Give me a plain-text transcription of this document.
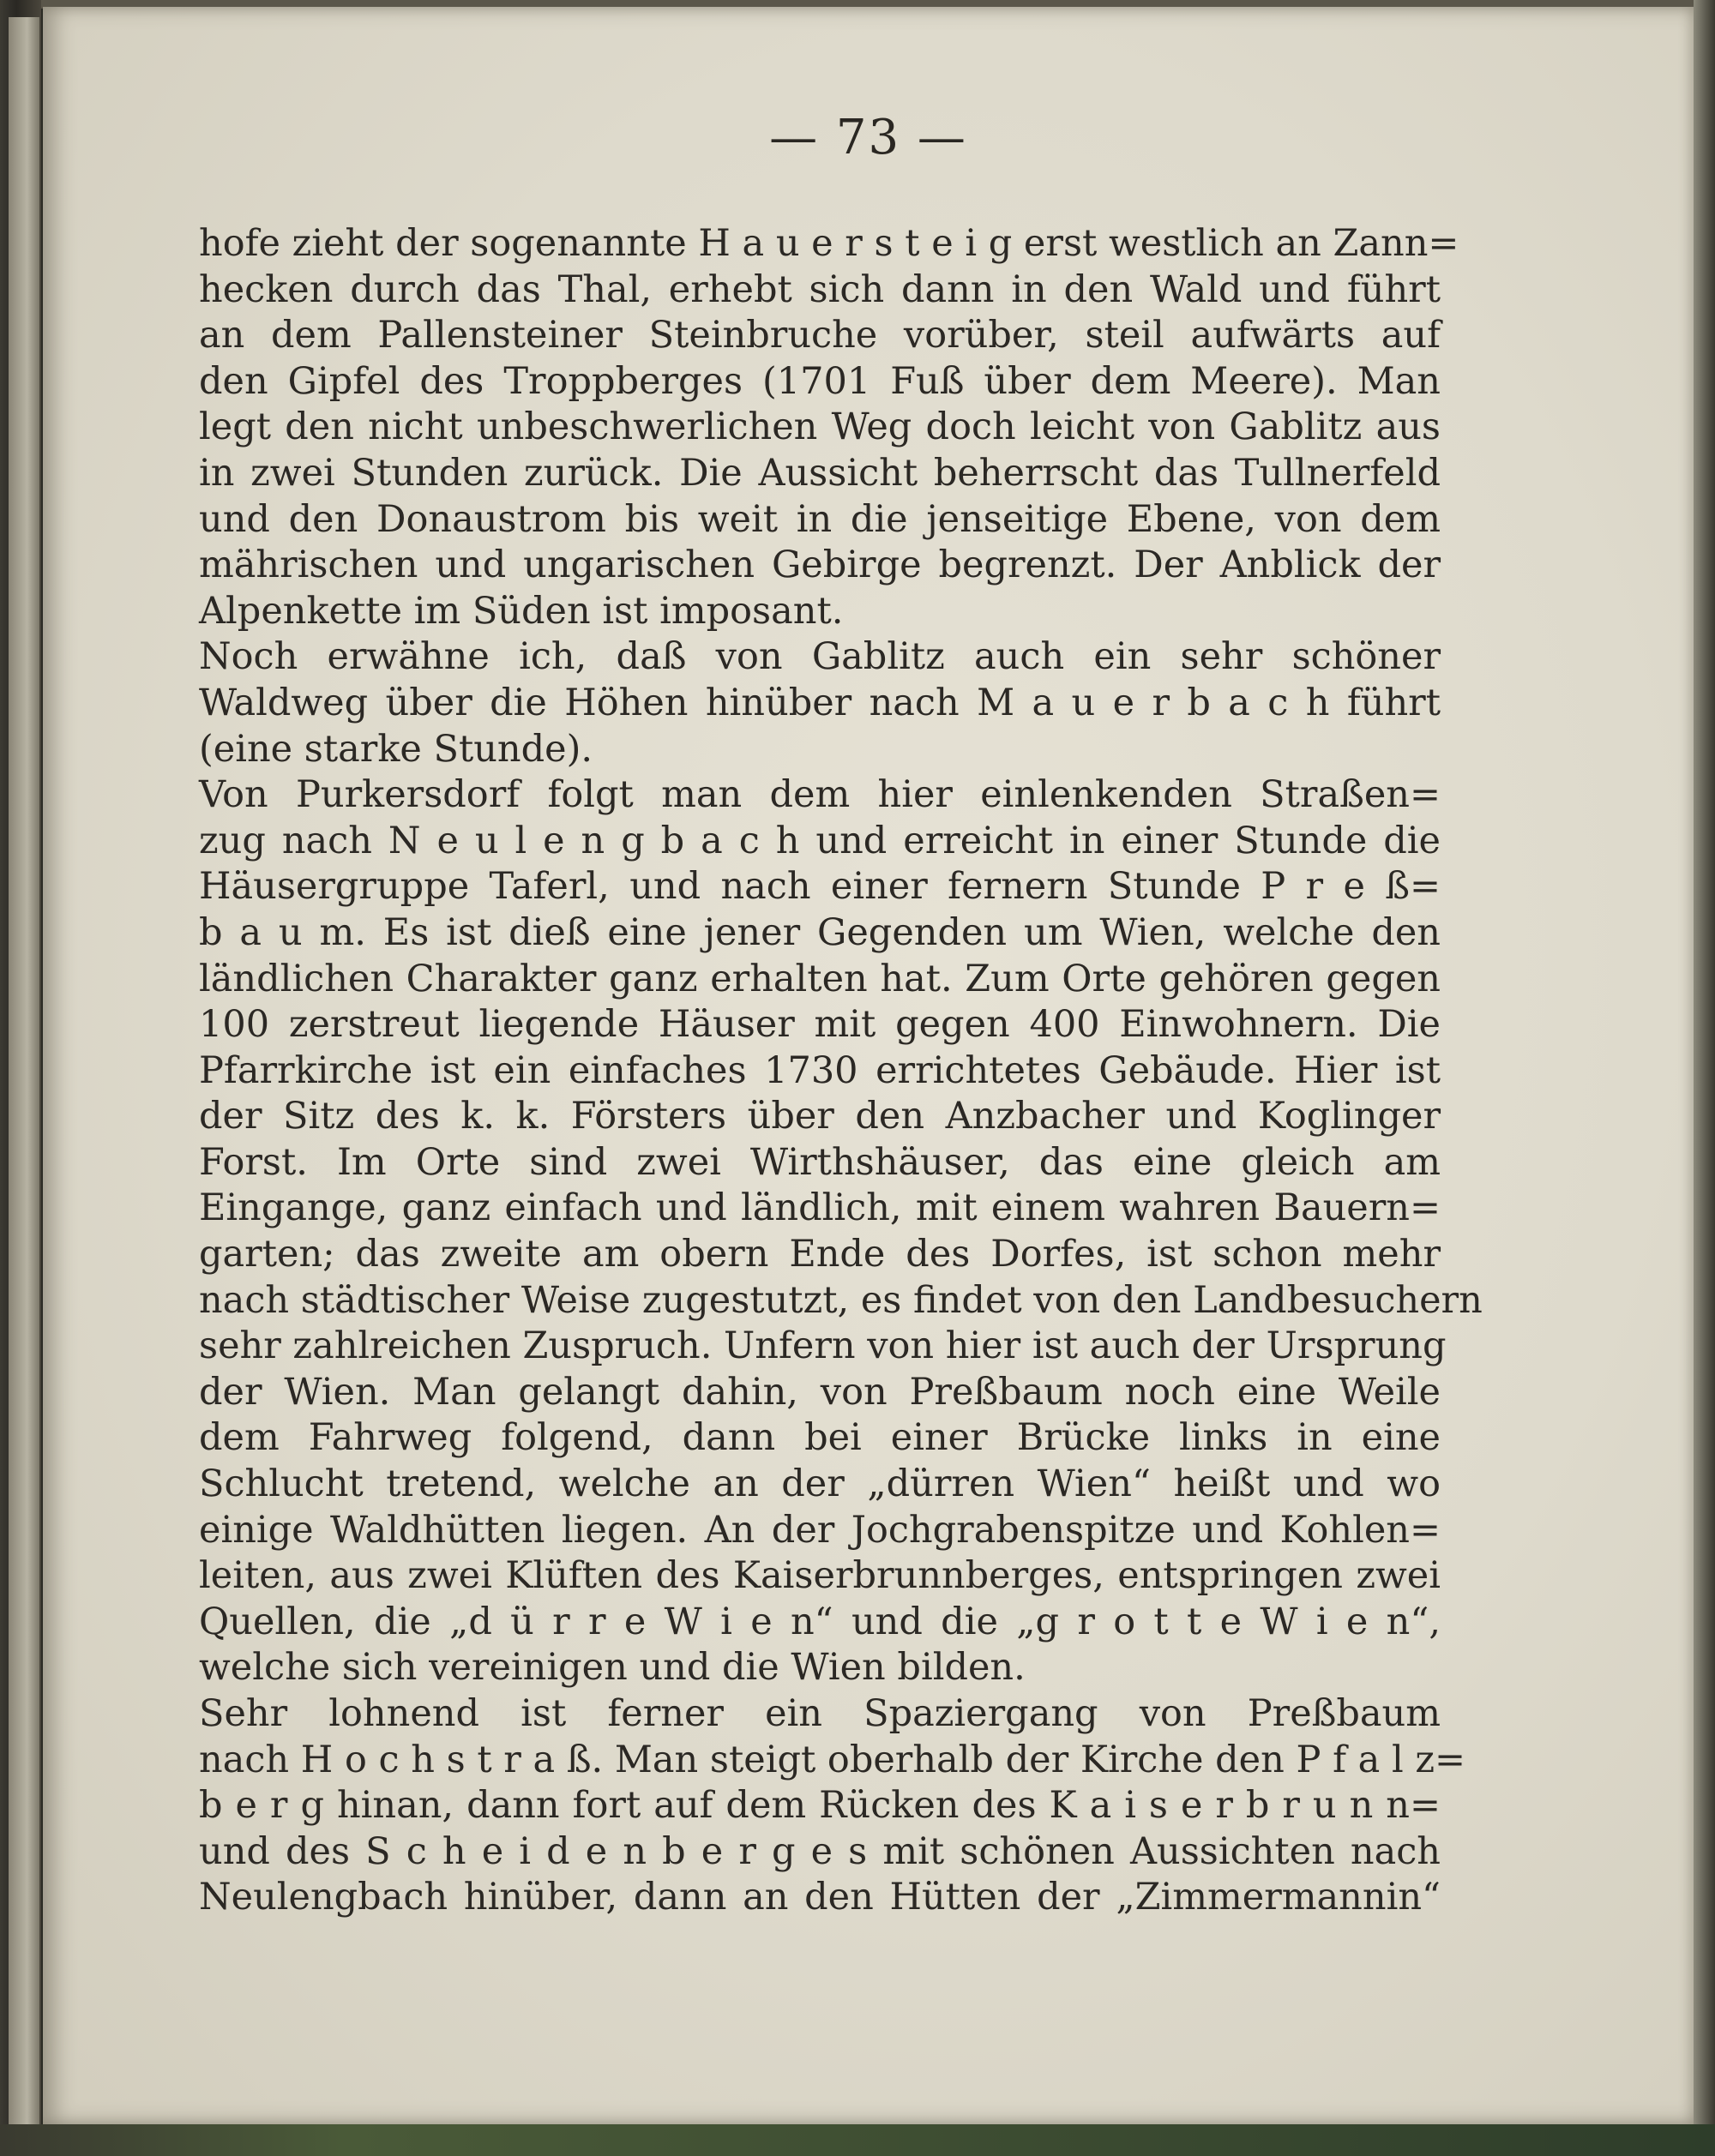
— 73 —
hofe zieht der sogenannte H a u e r s t e i g erst westlich an Zann=
hecken durch das Thal, erhebt sich dann in den Wald und führt
an dem Pallensteiner Steinbruche vorüber, steil aufwärts auf
den Gipfel des Troppberges (1701 Fuß über dem Meere). Man
legt den nicht unbeschwerlichen Weg doch leicht von Gablitz aus
in zwei Stunden zurück. Die Aussicht beherrscht das Tullnerfeld
und den Donaustrom bis weit in die jenseitige Ebene, von dem
mährischen und ungarischen Gebirge begrenzt. Der Anblick der
Alpenkette im Süden ist imposant.
Noch erwähne ich, daß von Gablitz auch ein sehr schöner
Waldweg über die Höhen hinüber nach M a u e r b a c h führt
(eine starke Stunde).
Von Purkersdorf folgt man dem hier einlenkenden Straßen=
zug nach N e u l e n g b a c h und erreicht in einer Stunde die
Häusergruppe Taferl, und nach einer fernern Stunde P r e ß=
b a u m. Es ist dieß eine jener Gegenden um Wien, welche den
ländlichen Charakter ganz erhalten hat. Zum Orte gehören gegen
100 zerstreut liegende Häuser mit gegen 400 Einwohnern. Die
Pfarrkirche ist ein einfaches 1730 errichtetes Gebäude. Hier ist
der Sitz des k. k. Försters über den Anzbacher und Koglinger
Forst. Im Orte sind zwei Wirthshäuser, das eine gleich am
Eingange, ganz einfach und ländlich, mit einem wahren Bauern=
garten; das zweite am obern Ende des Dorfes, ist schon mehr
nach städtischer Weise zugestutzt, es findet von den Landbesuchern
sehr zahlreichen Zuspruch. Unfern von hier ist auch der Ursprung
der Wien. Man gelangt dahin, von Preßbaum noch eine Weile
dem Fahrweg folgend, dann bei einer Brücke links in eine
Schlucht tretend, welche an der „dürren Wien“ heißt und wo
einige Waldhütten liegen. An der Jochgrabenspitze und Kohlen=
leiten, aus zwei Klüften des Kaiserbrunnberges, entspringen zwei
Quellen, die „d ü r r e W i e n“ und die „g r o t t e W i e n“,
welche sich vereinigen und die Wien bilden.
Sehr lohnend ist ferner ein Spaziergang von Preßbaum
nach H o c h s t r a ß. Man steigt oberhalb der Kirche den P f a l z=
b e r g hinan, dann fort auf dem Rücken des K a i s e r b r u n n=
und des S c h e i d e n b e r g e s mit schönen Aussichten nach
Neulengbach hinüber, dann an den Hütten der „Zimmermannin“
